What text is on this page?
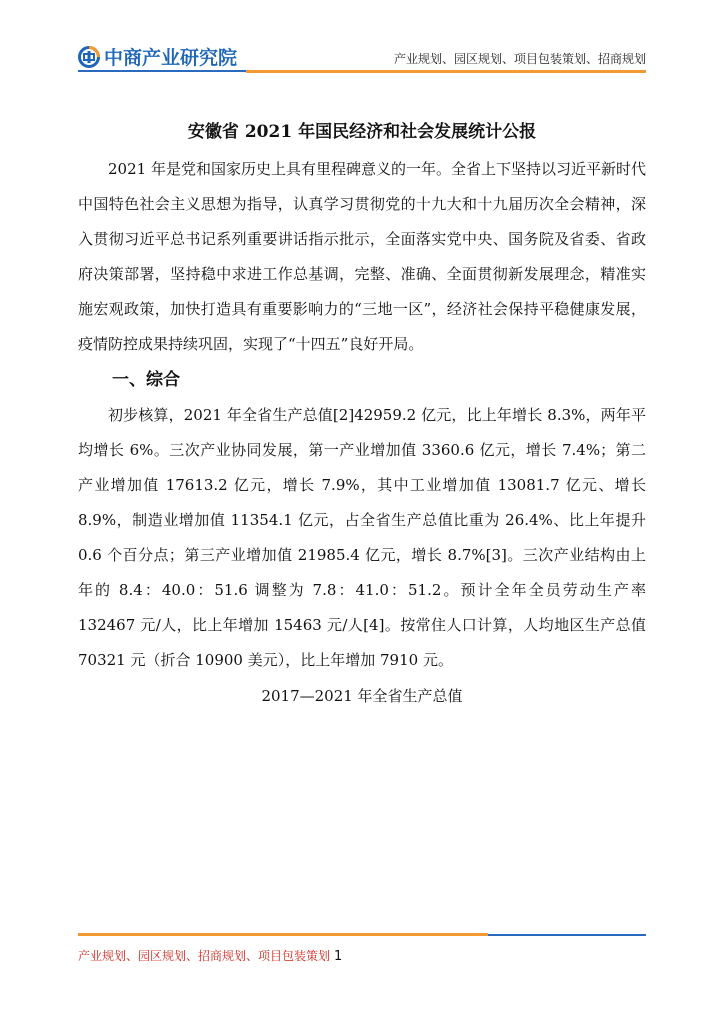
中商产业研究院	产业规划、园区规划、项目包装策划、招商规划
安徽省 2021 年国民经济和社会发展统计公报

2021 年是党和国家历史上具有里程碑意义的一年。全省上下坚持以习近平新时代中国特色社会主义思想为指导，认真学习贯彻党的十九大和十九届历次全会精神，深入贯彻习近平总书记系列重要讲话指示批示，全面落实党中央、国务院及省委、省政府决策部署，坚持稳中求进工作总基调，完整、准确、全面贯彻新发展理念，精准实施宏观政策，加快打造具有重要影响力的“三地一区”，经济社会保持平稳健康发展，疫情防控成果持续巩固，实现了“十四五”良好开局。

一、综合

初步核算，2021 年全省生产总值[2]42959.2 亿元，比上年增长 8.3%，两年平均增长 6%。三次产业协同发展，第一产业增加值 3360.6 亿元，增长 7.4%；第二产业增加值 17613.2 亿元，增长 7.9%，其中工业增加值 13081.7 亿元、增长 8.9%，制造业增加值 11354.1 亿元，占全省生产总值比重为 26.4%、比上年提升 0.6 个百分点；第三产业增加值 21985.4 亿元，增长 8.7%[3]。三次产业结构由上年的 8.4：40.0：51.6 调整为 7.8：41.0：51.2。预计全年全员劳动生产率 132467 元/人，比上年增加 15463 元/人[4]。按常住人口计算，人均地区生产总值 70321 元（折合 10900 美元），比上年增加 7910 元。

2017—2021 年全省生产总值

产业规划、园区规划、招商规划、项目包装策划 1
